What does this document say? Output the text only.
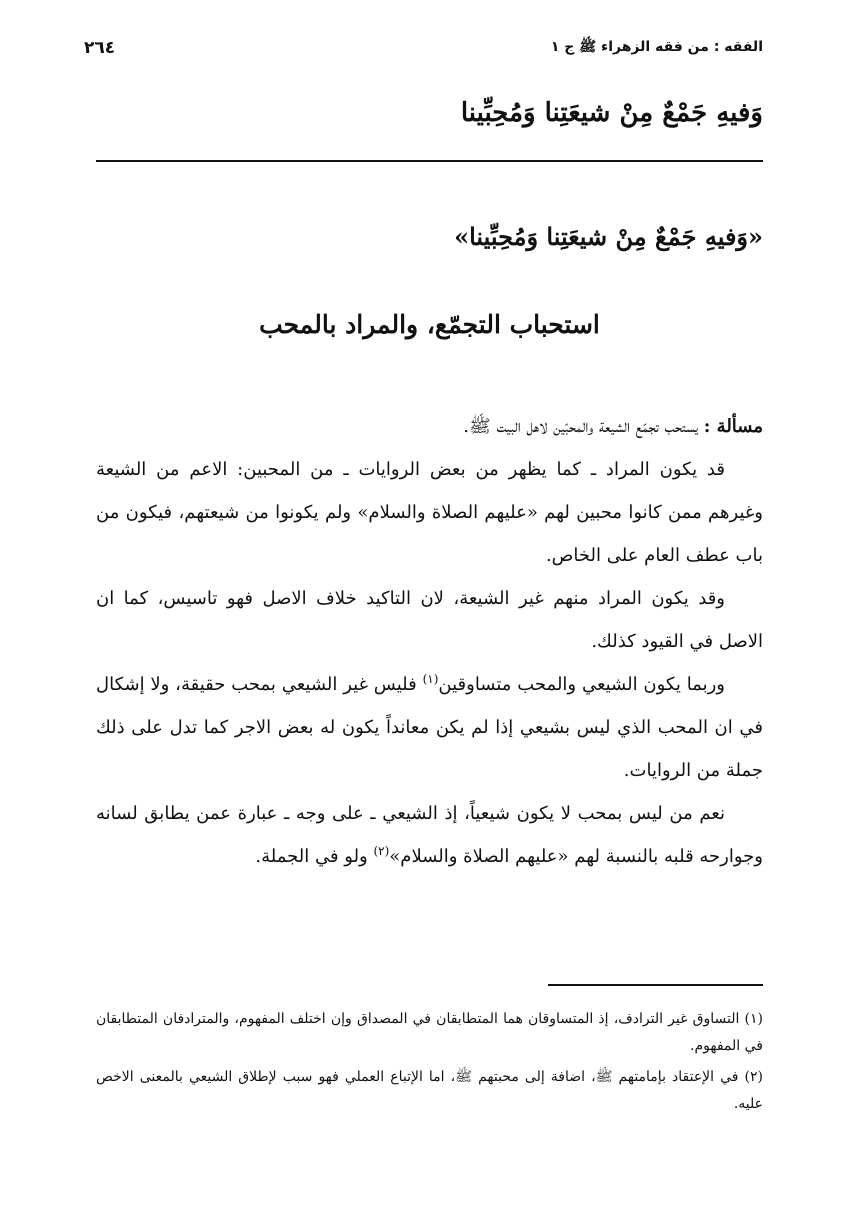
الفقه : من فقه الزهراء ﷺ ج ١
٢٦٤
وَفيهِ جَمْعٌ مِنْ شيعَتِنا وَمُحِبِّينا
«وَفيهِ جَمْعٌ مِنْ شيعَتِنا وَمُحِبِّينا»
استحباب التجمّع، والمراد بالمحب

مسألة : يستحب تجمّع الشيعة والمحبّين لاهل البيت ﷺ.

قد يكون المراد ـ كما يظهر من بعض الروايات ـ من المحبين: الاعم من الشيعة وغيرهم ممن كانوا محبين لهم «عليهم الصلاة والسلام» ولم يكونوا من شيعتهم، فيكون من باب عطف العام على الخاص.

وقد يكون المراد منهم غير الشيعة، لان التاكيد خلاف الاصل فهو تاسيس، كما ان الاصل في القيود كذلك.

وربما يكون الشيعي والمحب متساوقين$^{(١)}$ فليس غير الشيعي بمحب حقيقة، ولا إشكال في ان المحب الذي ليس بشيعي إذا لم يكن معانداً يكون له بعض الاجر كما تدل على ذلك جملة من الروايات.

نعم من ليس بمحب لا يكون شيعياً، إذ الشيعي ـ على وجه ـ عبارة عمن يطابق لسانه وجوارحه قلبه بالنسبة لهم «عليهم الصلاة والسلام»$^{(٢)}$ ولو في الجملة.

(١) التساوق غير الترادف، إذ المتساوقان هما المتطابقان في المصداق وإن اختلف المفهوم، والمترادفان المتطابقان في المفهوم.

(٢) في الإعتقاد بإمامتهم ﷺ، اضافة إلى محبتهم ﷺ، اما الإتباع العملي فهو سبب لإطلاق الشيعي بالمعنى الاخص عليه.
